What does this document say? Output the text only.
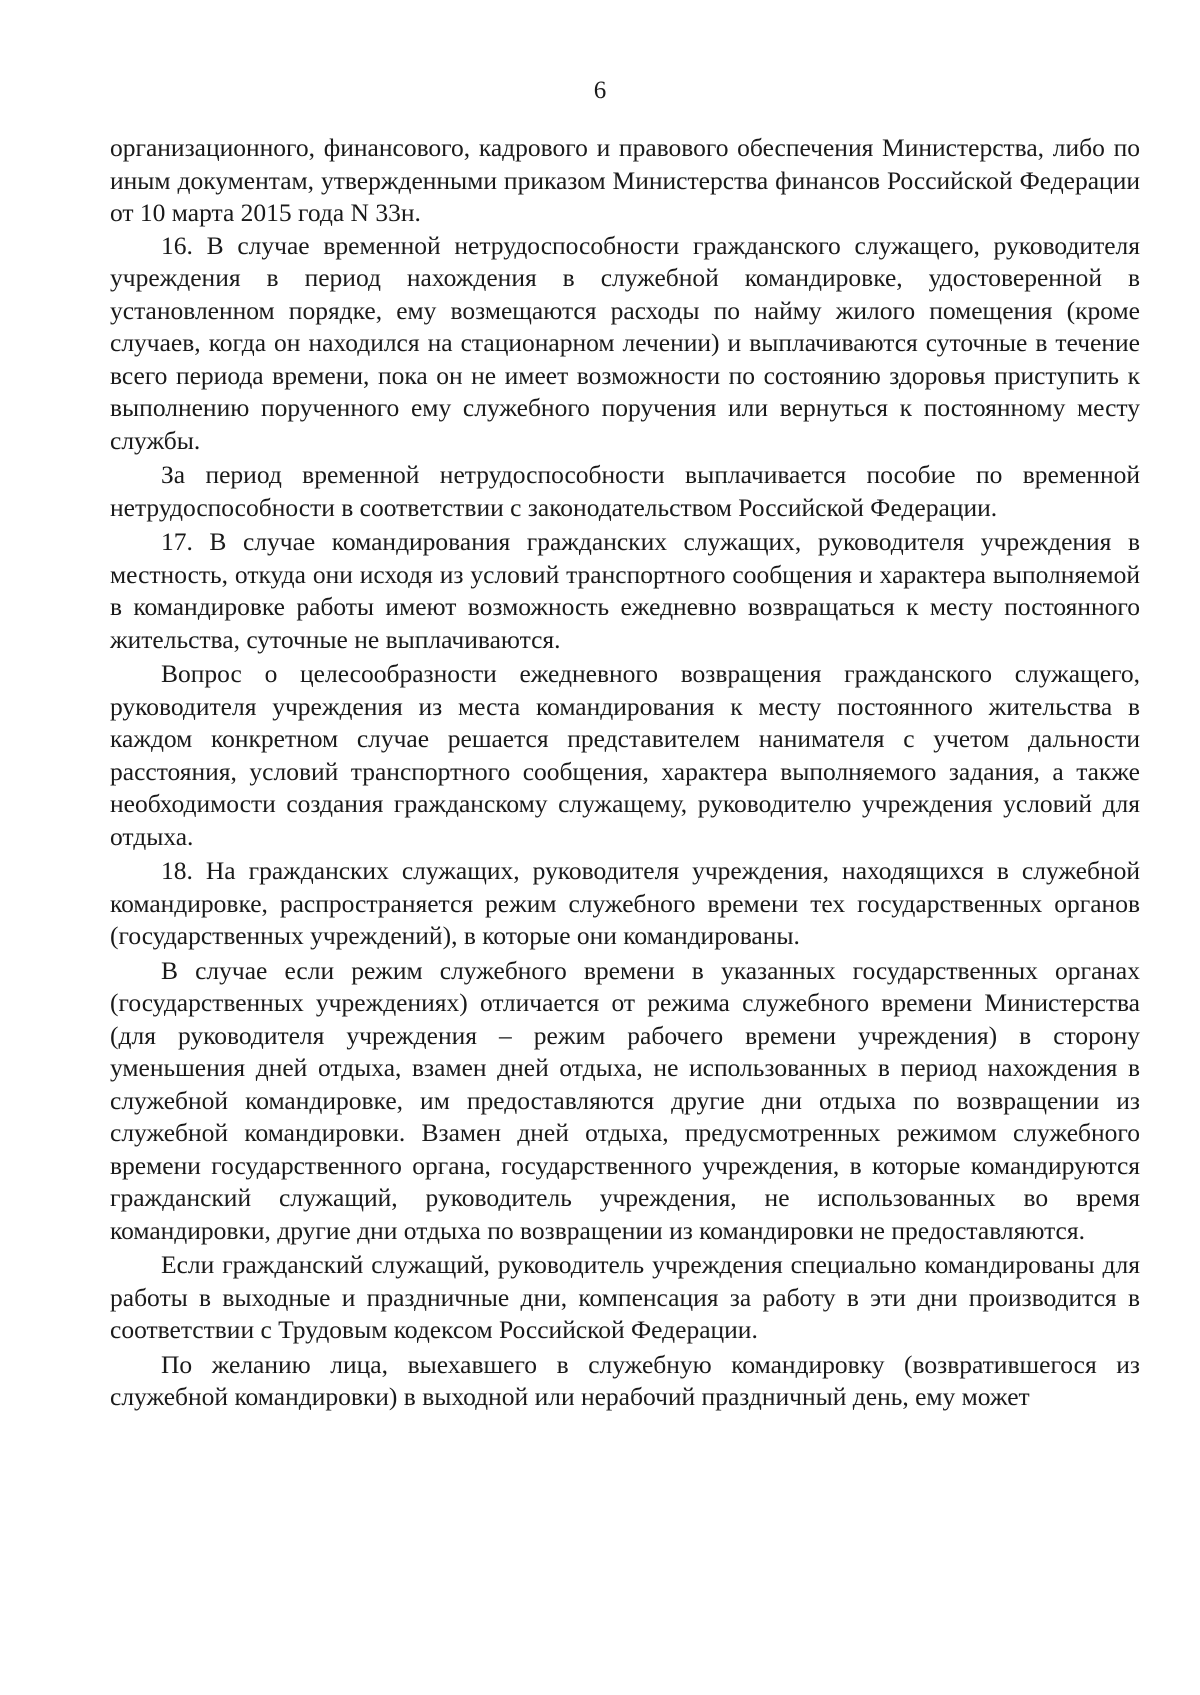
6

организационного, финансового, кадрового и правового обеспечения Министерства, либо по иным документам, утвержденными приказом Министерства финансов Российской Федерации от 10 марта 2015 года N 33н.

16. В случае временной нетрудоспособности гражданского служащего, руководителя учреждения в период нахождения в служебной командировке, удостоверенной в установленном порядке, ему возмещаются расходы по найму жилого помещения (кроме случаев, когда он находился на стационарном лечении) и выплачиваются суточные в течение всего периода времени, пока он не имеет возможности по состоянию здоровья приступить к выполнению порученного ему служебного поручения или вернуться к постоянному месту службы.

За период временной нетрудоспособности выплачивается пособие по временной нетрудоспособности в соответствии с законодательством Российской Федерации.

17. В случае командирования гражданских служащих, руководителя учреждения в местность, откуда они исходя из условий транспортного сообщения и характера выполняемой в командировке работы имеют возможность ежедневно возвращаться к месту постоянного жительства, суточные не выплачиваются.

Вопрос о целесообразности ежедневного возвращения гражданского служащего, руководителя учреждения из места командирования к месту постоянного жительства в каждом конкретном случае решается представителем нанимателя с учетом дальности расстояния, условий транспортного сообщения, характера выполняемого задания, а также необходимости создания гражданскому служащему, руководителю учреждения условий для отдыха.

18. На гражданских служащих, руководителя учреждения, находящихся в служебной командировке, распространяется режим служебного времени тех государственных органов (государственных учреждений), в которые они командированы.

В случае если режим служебного времени в указанных государственных органах (государственных учреждениях) отличается от режима служебного времени Министерства (для руководителя учреждения – режим рабочего времени учреждения) в сторону уменьшения дней отдыха, взамен дней отдыха, не использованных в период нахождения в служебной командировке, им предоставляются другие дни отдыха по возвращении из служебной командировки. Взамен дней отдыха, предусмотренных режимом служебного времени государственного органа, государственного учреждения, в которые командируются гражданский служащий, руководитель учреждения, не использованных во время командировки, другие дни отдыха по возвращении из командировки не предоставляются.

Если гражданский служащий, руководитель учреждения специально командированы для работы в выходные и праздничные дни, компенсация за работу в эти дни производится в соответствии с Трудовым кодексом Российской Федерации.

По желанию лица, выехавшего в служебную командировку (возвратившегося из служебной командировки) в выходной или нерабочий праздничный день, ему может
